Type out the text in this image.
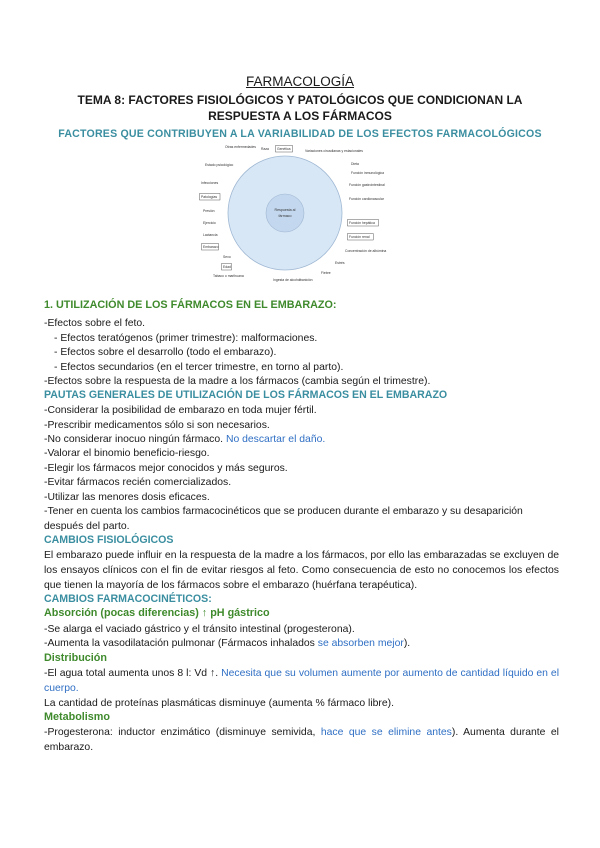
FARMACOLOGÍA
TEMA 8: FACTORES FISIOLÓGICOS Y PATOLÓGICOS QUE CONDICIONAN LA RESPUESTA A LOS FÁRMACOS
FACTORES QUE CONTRIBUYEN A LA VARIABILIDAD DE LOS EFECTOS FARMACOLÓGICOS
Respuesta al
fármaco
Otras enfermedades Raza Genética	Variaciones circadianas y estacionales
Dieta
Función inmunológica
Función gastrointestinal
Función cardiovascular
Función hepática
Función renal
Concentración de albúmina
Estrés
Fiebre
Inanición
Ingesta de alcohol
Tabaco o marihuana
Edad
Sexo
Embarazo
Lactancia
Ejercicio
Presión
Patologías
Infecciones
Estado psicológico
1. UTILIZACIÓN DE LOS FÁRMACOS EN EL EMBARAZO:
-Efectos sobre el feto.
- Efectos teratógenos (primer trimestre): malformaciones.
- Efectos sobre el desarrollo (todo el embarazo).
- Efectos secundarios (en el tercer trimestre, en torno al parto).
-Efectos sobre la respuesta de la madre a los fármacos (cambia según el trimestre).
PAUTAS GENERALES DE UTILIZACIÓN DE LOS FÁRMACOS EN EL EMBARAZO
-Considerar la posibilidad de embarazo en toda mujer fértil.
-Prescribir medicamentos sólo si son necesarios.
-No considerar inocuo ningún fármaco. No descartar el daño.
-Valorar el binomio beneficio-riesgo.
-Elegir los fármacos mejor conocidos y más seguros.
-Evitar fármacos recién comercializados.
-Utilizar las menores dosis eficaces.
-Tener en cuenta los cambios farmacocinéticos que se producen durante el embarazo y su desaparición
después del parto.
CAMBIOS FISIOLÓGICOS
El embarazo puede influir en la respuesta de la madre a los fármacos, por ello las embarazadas se excluyen de los ensayos clínicos con el fin de evitar riesgos al feto. Como consecuencia de esto no conocemos los efectos que tienen la mayoría de los fármacos sobre el embarazo (huérfana terapéutica).
CAMBIOS FARMACOCINÉTICOS:
Absorción (pocas diferencias) ↑ pH gástrico
-Se alarga el vaciado gástrico y el tránsito intestinal (progesterona).
-Aumenta la vasodilatación pulmonar (Fármacos inhalados se absorben mejor).
Distribución
-El agua total aumenta unos 8 l: Vd ↑. Necesita que su volumen aumente por aumento de cantidad líquido en el cuerpo.
La cantidad de proteínas plasmáticas disminuye (aumenta % fármaco libre).
Metabolismo
-Progesterona: inductor enzimático (disminuye semivida, hace que se elimine antes). Aumenta durante el embarazo.
